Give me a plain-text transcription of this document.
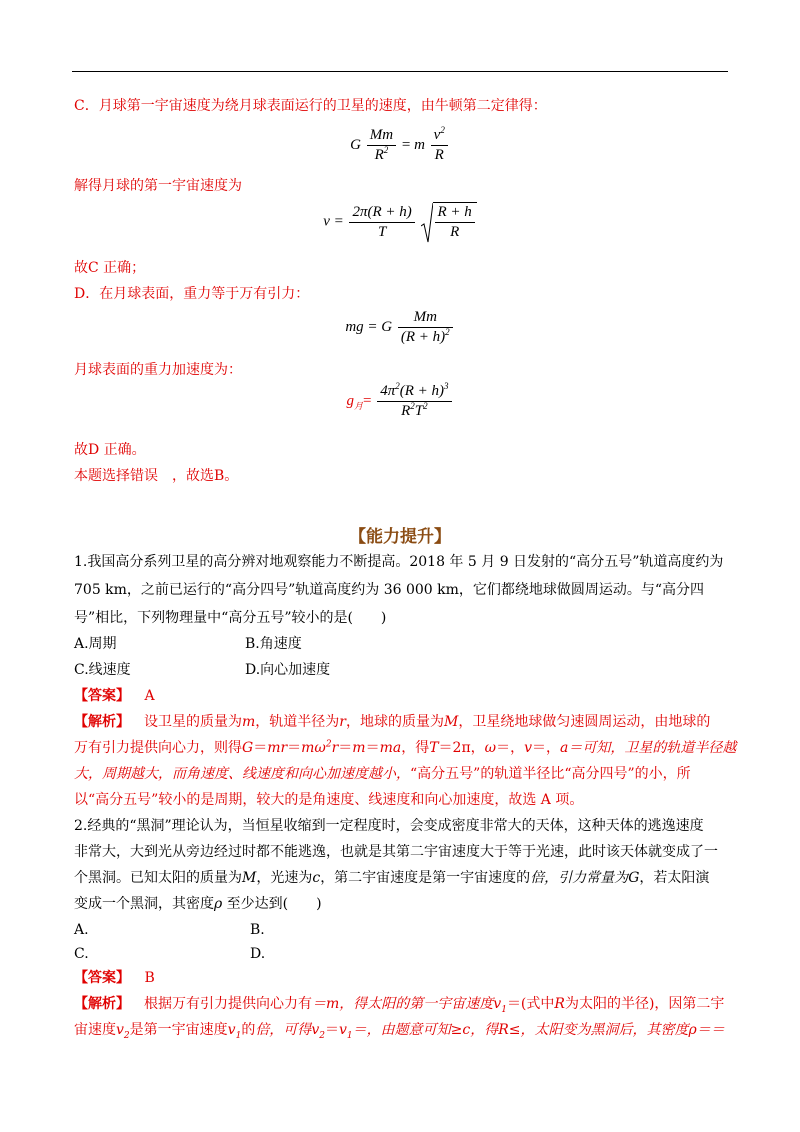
C．月球第一宇宙速度为绕月球表面运行的卫星的速度，由牛顿第二定律得：
G $\frac{Mm}{R^2} = m \frac{v^2}{R}$
解得月球的第一宇宙速度为
$v = \frac{2\pi(R + h)}{T}$
$\frac{R + h}{R}$
故C 正确；
D．在月球表面，重力等于万有引力：
mg = G $\frac{Mm}{(R + h)^2}$
月球表面的重力加速度为：
$g_月= \frac{4\pi^2(R + h)^3}{R^2T^2}$
故D 正确。
本题选择错误　，故选B。
【能力提升】
1.我国高分系列卫星的高分辨对地观察能力不断提高。2018 年 5 月 9 日发射的“高分五号”轨道高度约为
705 km，之前已运行的“高分四号”轨道高度约为 36 000 km，它们都绕地球做圆周运动。与“高分四
号”相比，下列物理量中“高分五号”较小的是(　　)
A.周期	B.角速度
C.线速度	D.向心加速度
【答案】 A
【解析】 设卫星的质量为m，轨道半径为r，地球的质量为M，卫星绕地球做匀速圆周运动，由地球的
万有引力提供向心力，则得$G=mr=m\omega^2r=m=ma$，得T＝2π，ω＝，v＝，a＝可知，卫星的轨道半径越
大，周期越大，而角速度、线速度和向心加速度越小，“高分五号”的轨道半径比“高分四号”的小，所
以“高分五号”较小的是周期，较大的是角速度、线速度和向心加速度，故选 A 项。
2.经典的“黑洞”理论认为，当恒星收缩到一定程度时，会变成密度非常大的天体，这种天体的逃逸速度
非常大，大到光从旁边经过时都不能逃逸，也就是其第二宇宙速度大于等于光速，此时该天体就变成了一
个黑洞。已知太阳的质量为M，光速为c，第二宇宙速度是第一宇宙速度的倍，引力常量为G，若太阳演
变成一个黑洞，其密度ρ 至少达到(　　)
A.	B.
C.	D.
【答案】 B
【解析】 根据万有引力提供向心力有＝m，得太阳的第一宇宙速度$v_1=$(式中R为太阳的半径)，因第二宇
宙速度$v_2$是第一宇宙速度$v_1$的倍，可得$v_2=v_1=$，由题意可知≥c，得R≤，太阳变为黑洞后，其密度ρ＝＝
